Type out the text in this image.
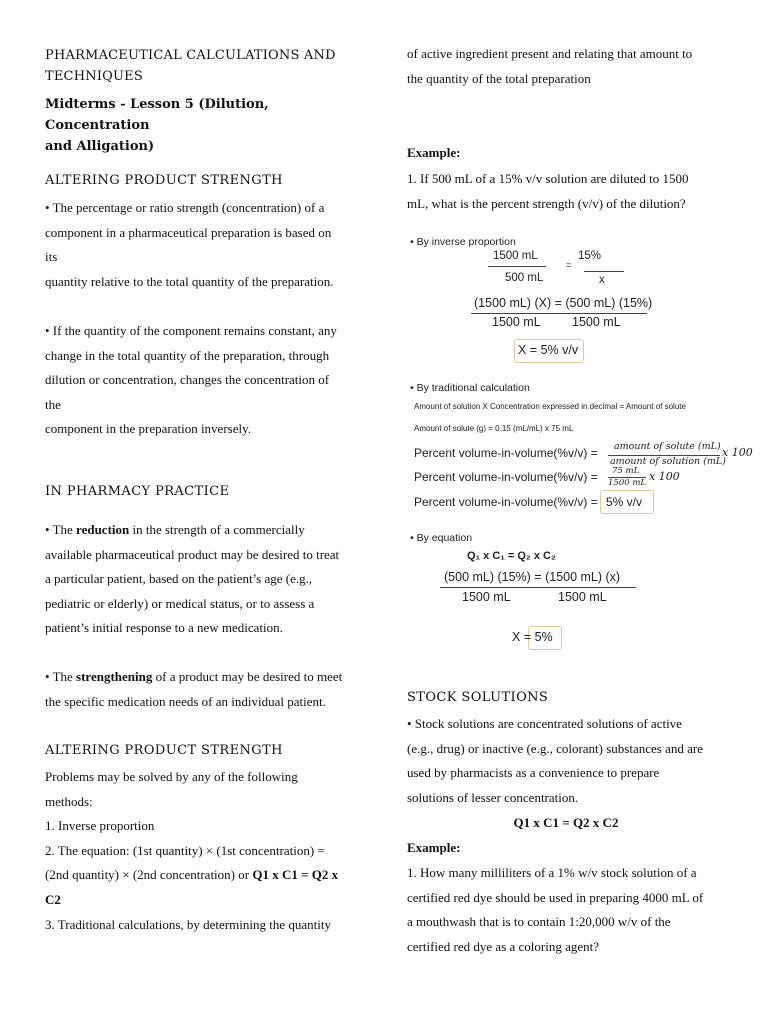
PHARMACEUTICAL CALCULATIONS AND
TECHNIQUES
Midterms - Lesson 5 (Dilution, Concentration
and Alligation)
ALTERING PRODUCT STRENGTH

• The percentage or ratio strength (concentration) of a

component in a pharmaceutical preparation is based on

its

quantity relative to the total quantity of the preparation.

• If the quantity of the component remains constant, any

change in the total quantity of the preparation, through

dilution or concentration, changes the concentration of

the

component in the preparation inversely.

IN PHARMACY PRACTICE

• The reduction in the strength of a commercially

available pharmaceutical product may be desired to treat

a particular patient, based on the patient’s age (e.g.,

pediatric or elderly) or medical status, or to assess a

patient’s initial response to a new medication.

• The strengthening of a product may be desired to meet

the specific medication needs of an individual patient.

ALTERING PRODUCT STRENGTH

Problems may be solved by any of the following

methods:

1. Inverse proportion

2. The equation: (1st quantity) × (1st concentration) =

(2nd quantity) × (2nd concentration) or Q1 x C1 = Q2 x

C2

3. Traditional calculations, by determining the quantity

of active ingredient present and relating that amount to

the quantity of the total preparation

Example:

1. If 500 mL of a 15% v/v solution are diluted to 1500

mL, what is the percent strength (v/v) of the dilution?

• By inverse proportion
1500 mL
500 mL
=
15%
x
(1500 mL) (X) = (500 mL) (15%)
1500 mL	1500 mL
X = 5% v/v
• By traditional calculation
Amount of solution X Concentration expressed in decimal = Amount of solute
Amount of solute (g) = 0.15 (mL/mL) x 75 mL
Percent volume-in-volume(%v/v) = amount of solute (mL)
amount of solution (mL)
x 100
Percent volume-in-volume(%v/v) = 75 mL
1500 mL x 100
Percent volume-in-volume(%v/v) = 5% v/v
• By equation
Q₁ x C₁ = Q₂ x C₂
(500 mL) (15%) = (1500 mL) (x)
1500 mL	1500 mL
X = 5%
STOCK SOLUTIONS

• Stock solutions are concentrated solutions of active

(e.g., drug) or inactive (e.g., colorant) substances and are

used by pharmacists as a convenience to prepare

solutions of lesser concentration.

Q1 x C1 = Q2 x C2
Example:

1. How many milliliters of a 1% w/v stock solution of a

certified red dye should be used in preparing 4000 mL of

a mouthwash that is to contain 1:20,000 w/v of the

certified red dye as a coloring agent?
